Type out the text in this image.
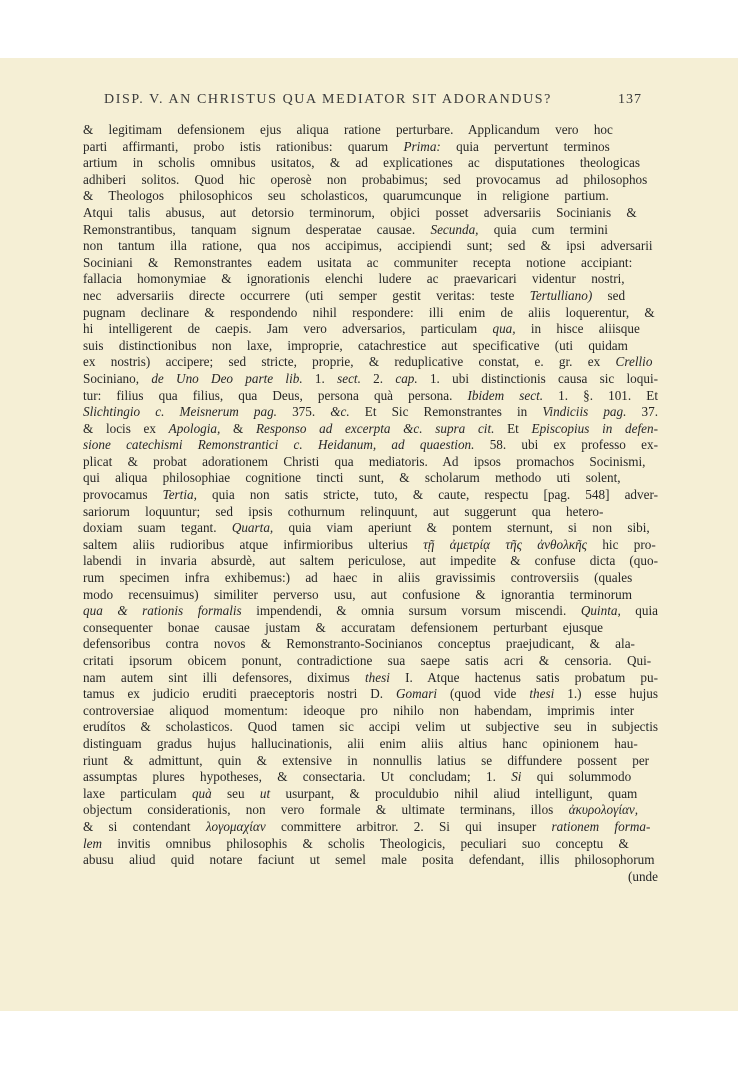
DISP. V. AN CHRISTUS QUA MEDIATOR SIT ADORANDUS?	137
& legitimam defensionem ejus aliqua ratione perturbare. Applicandum vero hoc
parti affirmanti, probo istis rationibus: quarum Prima: quia pervertunt terminos
artium in scholis omnibus usitatos, & ad explicationes ac disputationes theologicas
adhiberi solitos. Quod hic operosè non probabimus; sed provocamus ad philosophos
& Theologos philosophicos seu scholasticos, quarumcunque in religione partium.
Atqui talis abusus, aut detorsio terminorum, objici posset adversariis Socinianis &
Remonstrantibus, tanquam signum desperatae causae. Secunda, quia cum termini
non tantum illa ratione, qua nos accipimus, accipiendi sunt; sed & ipsi adversarii
Sociniani & Remonstrantes eadem usitata ac communiter recepta notione accipiant:
fallacia homonymiae & ignorationis elenchi ludere ac praevaricari videntur nostri,
nec adversariis directe occurrere (uti semper gestit veritas: teste Tertulliano) sed
pugnam declinare & respondendo nihil respondere: illi enim de aliis loquerentur, &
hi intelligerent de caepis. Jam vero adversarios, particulam qua, in hisce aliisque
suis distinctionibus non laxe, improprie, catachrestice aut specificative (uti quidam
ex nostris) accipere; sed stricte, proprie, & reduplicative constat, e. gr. ex Crellio
Sociniano, de Uno Deo parte lib. 1. sect. 2. cap. 1. ubi distinctionis causa sic loqui-
tur: filius qua filius, qua Deus, persona quà persona. Ibidem sect. 1. §. 101. Et
Slichtingio c. Meisnerum pag. 375. &c. Et Sic Remonstrantes in Vindiciis pag. 37.
& locis ex Apologia, & Responso ad excerpta &c. supra cit. Et Episcopius in defen-
sione catechismi Remonstrantici c. Heidanum, ad quaestion. 58. ubi ex professo ex-
plicat & probat adorationem Christi qua mediatoris. Ad ipsos promachos Socinismi,
qui aliqua philosophiae cognitione tincti sunt, & scholarum methodo uti solent,
provocamus Tertia, quia non satis stricte, tuto, & caute, respectu [pag. 548] adver-
sariorum loquuntur; sed ipsis cothurnum relinquunt, aut suggerunt qua hetero-
doxiam suam tegant. Quarta, quia viam aperiunt & pontem sternunt, si non sibi,
saltem aliis rudioribus atque infirmioribus ulterius τῇ ἀμετρίᾳ τῆς ἀνθολκῆς hic pro-
labendi in invaria absurdè, aut saltem periculose, aut impedite & confuse dicta (quo-
rum specimen infra exhibemus:) ad haec in aliis gravissimis controversiis (quales
modo recensuimus) similiter perverso usu, aut confusione & ignorantia terminorum
qua & rationis formalis impendendi, & omnia sursum vorsum miscendi. Quinta, quia
consequenter bonae causae justam & accuratam defensionem perturbant ejusque
defensoribus contra novos & Remonstranto-Socinianos conceptus praejudicant, & ala-
critati ipsorum obicem ponunt, contradictione sua saepe satis acri & censoria. Qui-
nam autem sint illi defensores, diximus thesi I. Atque hactenus satis probatum pu-
tamus ex judicio eruditi praeceptoris nostri D. Gomari (quod vide thesi 1.) esse hujus
controversiae aliquod momentum: ideoque pro nihilo non habendam, imprimis inter
erudítos & scholasticos. Quod tamen sic accipi velim ut subjective seu in subjectis
distinguam gradus hujus hallucinationis, alii enim aliis altius hanc opinionem hau-
riunt & admittunt, quin & extensive in nonnullis latius se diffundere possent per
assumptas plures hypotheses, & consectaria. Ut concludam; 1. Si qui solummodo
laxe particulam quà seu ut usurpant, & proculdubio nihil aliud intelligunt, quam
objectum considerationis, non vero formale & ultimate terminans, illos ἀκυρολογίαν,
& si contendant λογομαχίαν committere arbitror. 2. Si qui insuper rationem forma-
lem invitis omnibus philosophis & scholis Theologicis, peculiari suo conceptu &
abusu aliud quid notare faciunt ut semel male posita defendant, illis philosophorum
(unde
